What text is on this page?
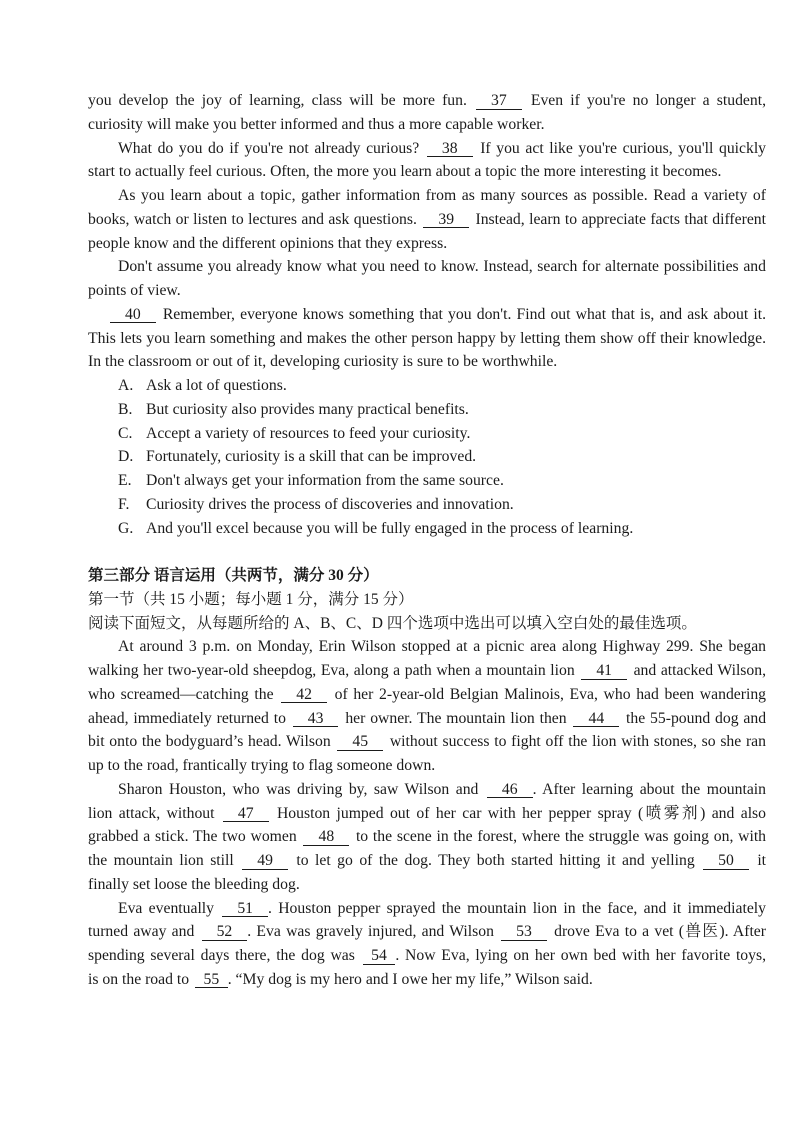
you develop the joy of learning, class will be more fun. 37 Even if you're no longer a student,
curiosity will make you better informed and thus a more capable worker.
What do you do if you're not already curious? 38 If you act like you're curious, you'll quickly
start to actually feel curious. Often, the more you learn about a topic the more interesting it becomes.
As you learn about a topic, gather information from as many sources as possible. Read a variety of
books, watch or listen to lectures and ask questions. 39 Instead, learn to appreciate facts that different
people know and the different opinions that they express.
Don't assume you already know what you need to know. Instead, search for alternate possibilities and
points of view.
40 Remember, everyone knows something that you don't. Find out what that is, and ask about it.
This lets you learn something and makes the other person happy by letting them show off their knowledge.
In the classroom or out of it, developing curiosity is sure to be worthwhile.
A. Ask a lot of questions.
B. But curiosity also provides many practical benefits.
C. Accept a variety of resources to feed your curiosity.
D. Fortunately, curiosity is a skill that can be improved.
E. Don't always get your information from the same source.
F. Curiosity drives the process of discoveries and innovation.
G. And you'll excel because you will be fully engaged in the process of learning.
第三部分 语言运用（共两节，满分 30 分）
第一节（共 15 小题；每小题 1 分，满分 15 分）
阅读下面短文，从每题所给的 A、B、C、D 四个选项中选出可以填入空白处的最佳选项。
At around 3 p.m. on Monday, Erin Wilson stopped at a picnic area along Highway 299. She began
walking her two-year-old sheepdog, Eva, along a path when a mountain lion 41 and attacked Wilson,
who screamed—catching the 42 of her 2-year-old Belgian Malinois, Eva, who had been wandering
ahead, immediately returned to 43 her owner. The mountain lion then 44 the 55-pound dog and
bit onto the bodyguard’s head. Wilson 45 without success to fight off the lion with stones, so she ran
up to the road, frantically trying to flag someone down.
Sharon Houston, who was driving by, saw Wilson and 46 . After learning about the mountain
lion attack, without 47 Houston jumped out of her car with her pepper spray (喷雾剂) and also
grabbed a stick. The two women 48 to the scene in the forest, where the struggle was going on, with
the mountain lion still 49 to let go of the dog. They both started hitting it and yelling 50 it
finally set loose the bleeding dog.
Eva eventually 51 . Houston pepper sprayed the mountain lion in the face, and it immediately
turned away and 52 . Eva was gravely injured, and Wilson 53 drove Eva to a vet (兽医). After
spending several days there, the dog was 54 . Now Eva, lying on her own bed with her favorite toys,
is on the road to 55 . “My dog is my hero and I owe her my life,” Wilson said.
